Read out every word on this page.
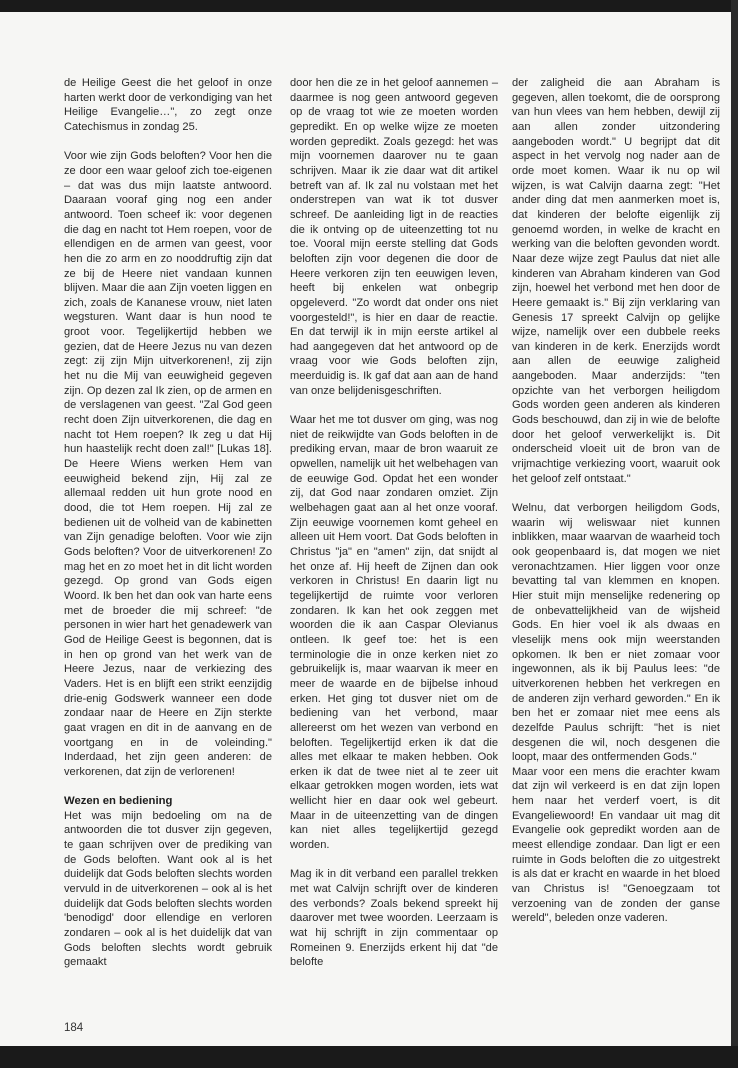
de Heilige Geest die het geloof in onze harten werkt door de verkondiging van het Heilige Evangelie…", zo zegt onze Catechismus in zondag 25.

Voor wie zijn Gods beloften? Voor hen die ze door een waar geloof zich toe-eigenen – dat was dus mijn laatste antwoord. Daaraan vooraf ging nog een ander antwoord. Toen scheef ik: voor degenen die dag en nacht tot Hem roepen, voor de ellendigen en de armen van geest, voor hen die zo arm en zo nooddruftig zijn dat ze bij de Heere niet vandaan kunnen blijven. Maar die aan Zijn voeten liggen en zich, zoals de Kananese vrouw, niet laten wegsturen. Want daar is hun nood te groot voor. Tegelijkertijd hebben we gezien, dat de Heere Jezus nu van dezen zegt: zij zijn Mijn uitverkorenen!, zij zijn het nu die Mij van eeuwigheid gegeven zijn. Op dezen zal Ik zien, op de armen en de verslagenen van geest. "Zal God geen recht doen Zijn uitverkorenen, die dag en nacht tot Hem roepen? Ik zeg u dat Hij hun haastelijk recht doen zal!" [Lukas 18]. De Heere Wiens werken Hem van eeuwigheid bekend zijn, Hij zal ze allemaal redden uit hun grote nood en dood, die tot Hem roepen. Hij zal ze bedienen uit de volheid van de kabinetten van Zijn genadige beloften. Voor wie zijn Gods beloften? Voor de uitverkorenen! Zo mag het en zo moet het in dit licht worden gezegd. Op grond van Gods eigen Woord. Ik ben het dan ook van harte eens met de broeder die mij schreef: "de personen in wier hart het genadewerk van God de Heilige Geest is begonnen, dat is in hen op grond van het werk van de Heere Jezus, naar de verkiezing des Vaders. Het is en blijft een strikt eenzijdig drie-enig Godswerk wanneer een dode zondaar naar de Heere en Zijn sterkte gaat vragen en dit in de aanvang en de voortgang en in de voleinding." Inderdaad, het zijn geen anderen: de verkorenen, dat zijn de verlorenen!

Wezen en bediening

Het was mijn bedoeling om na de antwoorden die tot dusver zijn gegeven, te gaan schrijven over de prediking van de Gods beloften. Want ook al is het duidelijk dat Gods beloften slechts worden vervuld in de uitverkorenen – ook al is het duidelijk dat Gods beloften slechts worden 'benodigd' door ellendige en verloren zondaren – ook al is het duidelijk dat van Gods beloften slechts wordt gebruik gemaakt

door hen die ze in het geloof aannemen – daarmee is nog geen antwoord gegeven op de vraag tot wie ze moeten worden gepredikt. En op welke wijze ze moeten worden gepredikt. Zoals gezegd: het was mijn voornemen daarover nu te gaan schrijven. Maar ik zie daar wat dit artikel betreft van af. Ik zal nu volstaan met het onderstrepen van wat ik tot dusver schreef. De aanleiding ligt in de reacties die ik ontving op de uiteenzetting tot nu toe. Vooral mijn eerste stelling dat Gods beloften zijn voor degenen die door de Heere verkoren zijn ten eeuwigen leven, heeft bij enkelen wat onbegrip opgeleverd. "Zo wordt dat onder ons niet voorgesteld!", is hier en daar de reactie. En dat terwijl ik in mijn eerste artikel al had aangegeven dat het antwoord op de vraag voor wie Gods beloften zijn, meerduidig is. Ik gaf dat aan aan de hand van onze belijdenisgeschriften.

Waar het me tot dusver om ging, was nog niet de reikwijdte van Gods beloften in de prediking ervan, maar de bron waaruit ze opwellen, namelijk uit het welbehagen van de eeuwige God. Opdat het een wonder zij, dat God naar zondaren omziet. Zijn welbehagen gaat aan al het onze vooraf. Zijn eeuwige voornemen komt geheel en alleen uit Hem voort. Dat Gods beloften in Christus "ja" en "amen" zijn, dat snijdt al het onze af. Hij heeft de Zijnen dan ook verkoren in Christus! En daarin ligt nu tegelijkertijd de ruimte voor verloren zondaren. Ik kan het ook zeggen met woorden die ik aan Caspar Olevianus ontleen. Ik geef toe: het is een terminologie die in onze kerken niet zo gebruikelijk is, maar waarvan ik meer en meer de waarde en de bijbelse inhoud erken. Het ging tot dusver niet om de bediening van het verbond, maar allereerst om het wezen van verbond en beloften. Tegelijkertijd erken ik dat die alles met elkaar te maken hebben. Ook erken ik dat de twee niet al te zeer uit elkaar getrokken mogen worden, iets wat wellicht hier en daar ook wel gebeurt. Maar in de uiteenzetting van de dingen kan niet alles tegelijkertijd gezegd worden.

Mag ik in dit verband een parallel trekken met wat Calvijn schrijft over de kinderen des verbonds? Zoals bekend spreekt hij daarover met twee woorden. Leerzaam is wat hij schrijft in zijn commentaar op Romeinen 9. Enerzijds erkent hij dat "de belofte

der zaligheid die aan Abraham is gegeven, allen toekomt, die de oorsprong van hun vlees van hem hebben, dewijl zij aan allen zonder uitzondering aangeboden wordt." U begrijpt dat dit aspect in het vervolg nog nader aan de orde moet komen. Waar ik nu op wil wijzen, is wat Calvijn daarna zegt: "Het ander ding dat men aanmerken moet is, dat kinderen der belofte eigenlijk zij genoemd worden, in welke de kracht en werking van die beloften gevonden wordt. Naar deze wijze zegt Paulus dat niet alle kinderen van Abraham kinderen van God zijn, hoewel het verbond met hen door de Heere gemaakt is." Bij zijn verklaring van Genesis 17 spreekt Calvijn op gelijke wijze, namelijk over een dubbele reeks van kinderen in de kerk. Enerzijds wordt aan allen de eeuwige zaligheid aangeboden. Maar anderzijds: "ten opzichte van het verborgen heiligdom Gods worden geen anderen als kinderen Gods beschouwd, dan zij in wie de belofte door het geloof verwerkelijkt is. Dit onderscheid vloeit uit de bron van de vrijmachtige verkiezing voort, waaruit ook het geloof zelf ontstaat."

Welnu, dat verborgen heiligdom Gods, waarin wij weliswaar niet kunnen inblikken, maar waarvan de waarheid toch ook geopenbaard is, dat mogen we niet veronachtzamen. Hier liggen voor onze bevatting tal van klemmen en knopen. Hier stuit mijn menselijke redenering op de onbevattelijkheid van de wijsheid Gods. En hier voel ik als dwaas en vleselijk mens ook mijn weerstanden opkomen. Ik ben er niet zomaar voor ingewonnen, als ik bij Paulus lees: "de uitverkorenen hebben het verkregen en de anderen zijn verhard geworden." En ik ben het er zomaar niet mee eens als dezelfde Paulus schrijft: "het is niet desgenen die wil, noch desgenen die loopt, maar des ontfermenden Gods."

Maar voor een mens die erachter kwam dat zijn wil verkeerd is en dat zijn lopen hem naar het verderf voert, is dit Evangeliewoord! En vandaar uit mag dit Evangelie ook gepredikt worden aan de meest ellendige zondaar. Dan ligt er een ruimte in Gods beloften die zo uitgestrekt is als dat er kracht en waarde in het bloed van Christus is! "Genoegzaam tot verzoening van de zonden der ganse wereld", beleden onze vaderen.

184
